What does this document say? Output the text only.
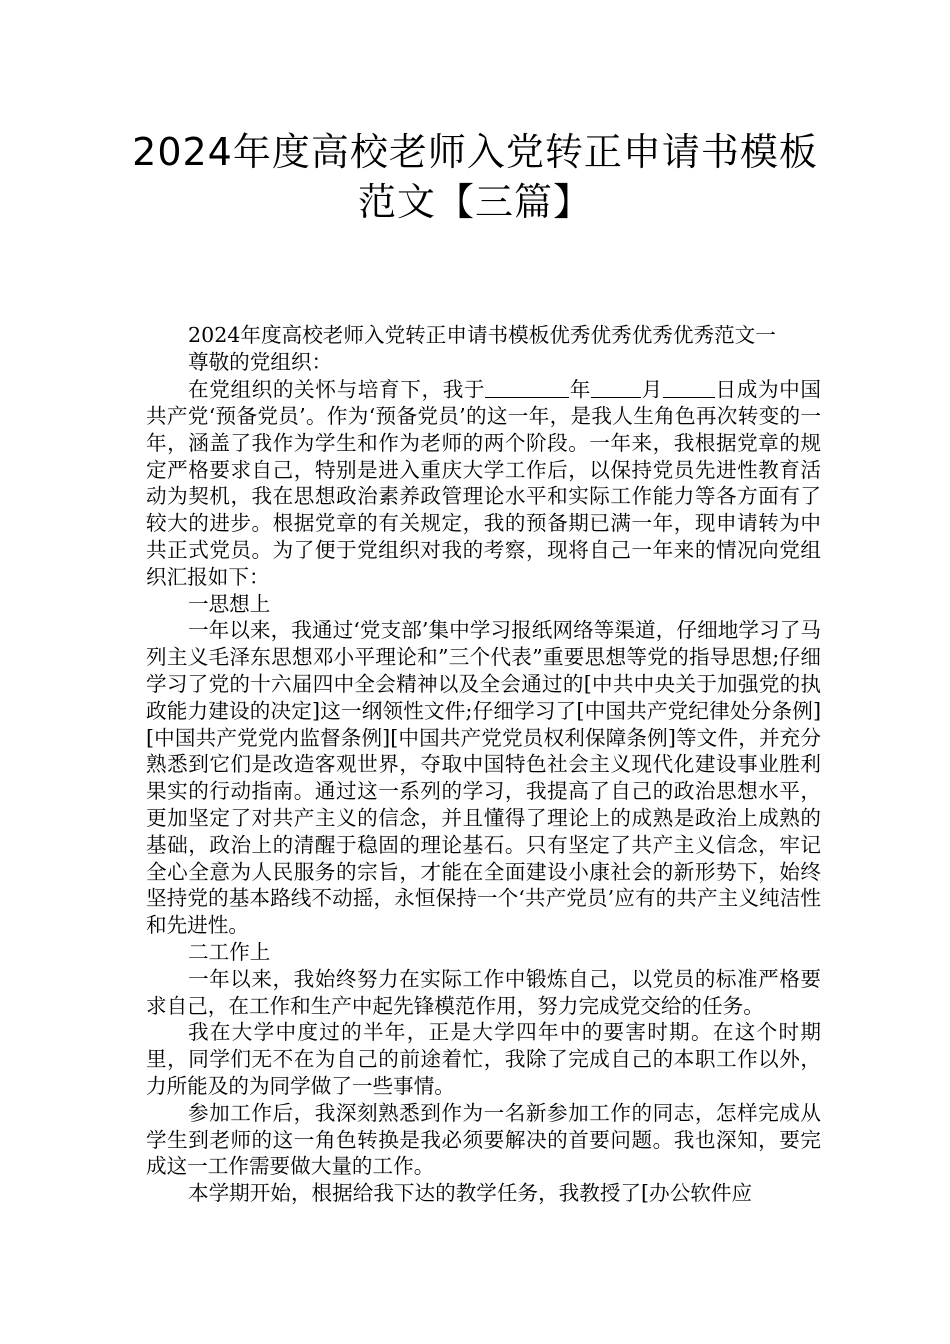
2024年度高校老师入党转正申请书模板
范文【三篇】

2024年度高校老师入党转正申请书模板优秀优秀优秀优秀范文一

尊敬的党组织：

在党组织的关怀与培育下，我于	年 月	日成为中国共产党‘预备党员’。作为‘预备党员’的这一年，是我人生角色再次转变的一年，涵盖了我作为学生和作为老师的两个阶段。一年来，我根据党章的规定严格要求自己，特别是进入重庆大学工作后，以保持党员先进性教育活动为契机，我在思想政治素养政管理论水平和实际工作能力等各方面有了较大的进步。根据党章的有关规定，我的预备期已满一年，现申请转为中共正式党员。为了便于党组织对我的考察，现将自己一年来的情况向党组织汇报如下：

一思想上

一年以来，我通过‘党支部’集中学习报纸网络等渠道，仔细地学习了马列主义毛泽东思想邓小平理论和”三个代表”重要思想等党的指导思想;仔细学习了党的十六届四中全会精神以及全会通过的[中共中央关于加强党的执政能力建设的决定]这一纲领性文件;仔细学习了[中国共产党纪律处分条例][中国共产党党内监督条例][中国共产党党员权利保障条例]等文件，并充分熟悉到它们是改造客观世界，夺取中国特色社会主义现代化建设事业胜利果实的行动指南。通过这一系列的学习，我提高了自己的政治思想水平，更加坚定了对共产主义的信念，并且懂得了理论上的成熟是政治上成熟的基础，政治上的清醒于稳固的理论基石。只有坚定了共产主义信念，牢记全心全意为人民服务的宗旨，才能在全面建设小康社会的新形势下，始终坚持党的基本路线不动摇，永恒保持一个‘共产党员’应有的共产主义纯洁性和先进性。

二工作上

一年以来，我始终努力在实际工作中锻炼自己，以党员的标准严格要求自己，在工作和生产中起先锋模范作用，努力完成党交给的任务。

我在大学中度过的半年，正是大学四年中的要害时期。在这个时期里，同学们无不在为自己的前途着忙，我除了完成自己的本职工作以外，力所能及的为同学做了一些事情。

参加工作后，我深刻熟悉到作为一名新参加工作的同志，怎样完成从学生到老师的这一角色转换是我必须要解决的首要问题。我也深知，要完成这一工作需要做大量的工作。

本学期开始，根据给我下达的教学任务，我教授了[办公软件应
